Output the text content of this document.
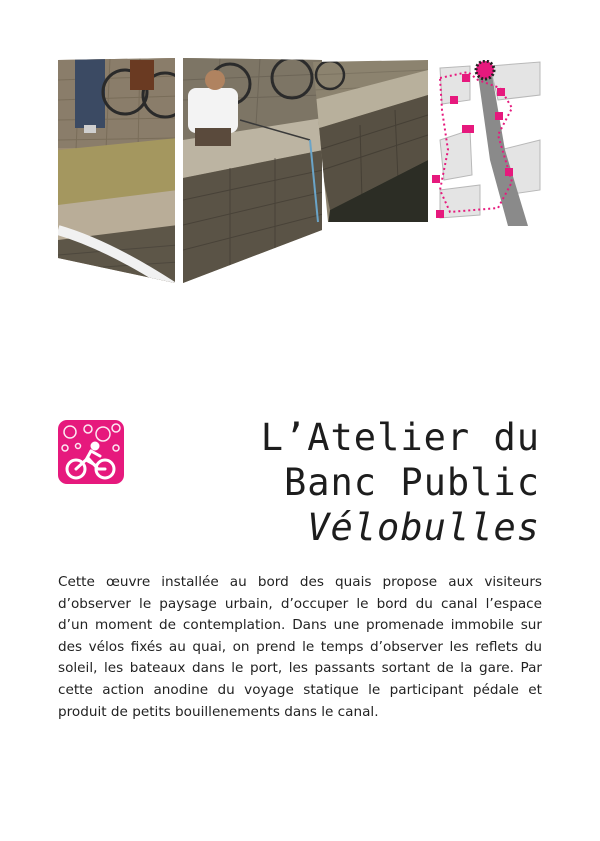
L’Atelier du
Banc Public
Vélobulles

Cette œuvre installée au bord des quais propose aux visiteurs d’observer le paysage urbain, d’occuper le bord du canal l’espace d’un moment de contemplation. Dans une promenade immobile sur des vélos fixés au quai, on prend le temps d’observer les reflets du soleil, les bateaux dans le port, les passants sortant de la gare. Par cette action anodine du voyage statique le participant pédale et produit de petits bouillenements dans le canal.
